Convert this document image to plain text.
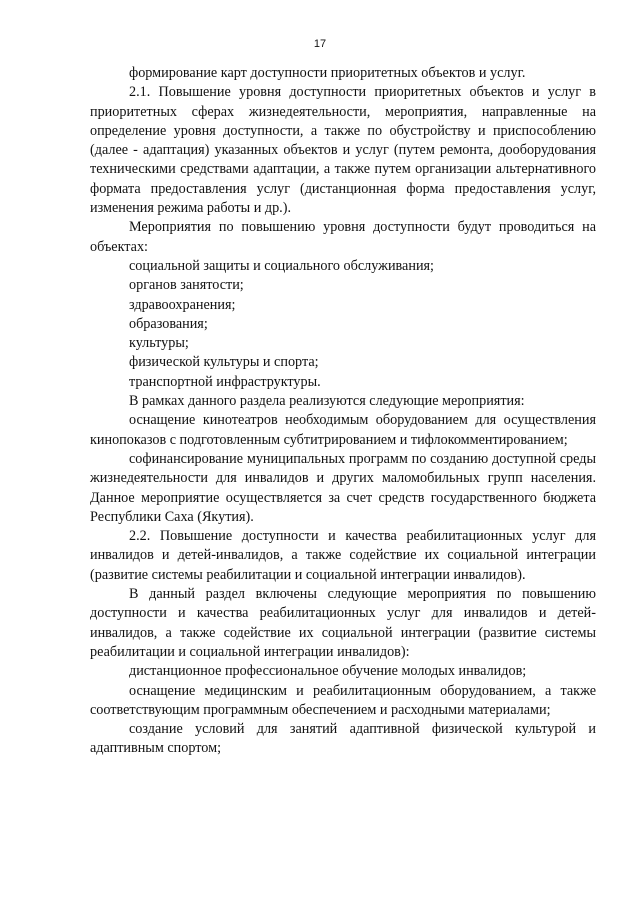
17

формирование карт доступности приоритетных объектов и услуг.

2.1. Повышение уровня доступности приоритетных объектов и услуг в приоритетных сферах жизнедеятельности, мероприятия, направленные на определение уровня доступности, а также по обустройству и приспособлению (далее - адаптация) указанных объектов и услуг (путем ремонта, дооборудования техническими средствами адаптации, а также путем организации альтернативного формата предоставления услуг (дистанционная форма предоставления услуг, изменения режима работы и др.).

Мероприятия по повышению уровня доступности будут проводиться на объектах:

социальной защиты и социального обслуживания;

органов занятости;

здравоохранения;

образования;

культуры;

физической культуры и спорта;

транспортной инфраструктуры.

В рамках данного раздела реализуются следующие мероприятия:

оснащение кинотеатров необходимым оборудованием для осуществления кинопоказов с подготовленным субтитрированием и тифлокомментированием;

софинансирование муниципальных программ по созданию доступной среды жизнедеятельности для инвалидов и других маломобильных групп населения. Данное мероприятие осуществляется за счет средств государственного бюджета Республики Саха (Якутия).

2.2. Повышение доступности и качества реабилитационных услуг для инвалидов и детей-инвалидов, а также содействие их социальной интеграции (развитие системы реабилитации и социальной интеграции инвалидов).

В данный раздел включены следующие мероприятия по повышению доступности и качества реабилитационных услуг для инвалидов и детей-инвалидов, а также содействие их социальной интеграции (развитие системы реабилитации и социальной интеграции инвалидов):

дистанционное профессиональное обучение молодых инвалидов;

оснащение медицинским и реабилитационным оборудованием, а также соответствующим программным обеспечением и расходными материалами;

создание условий для занятий адаптивной физической культурой и адаптивным спортом;
